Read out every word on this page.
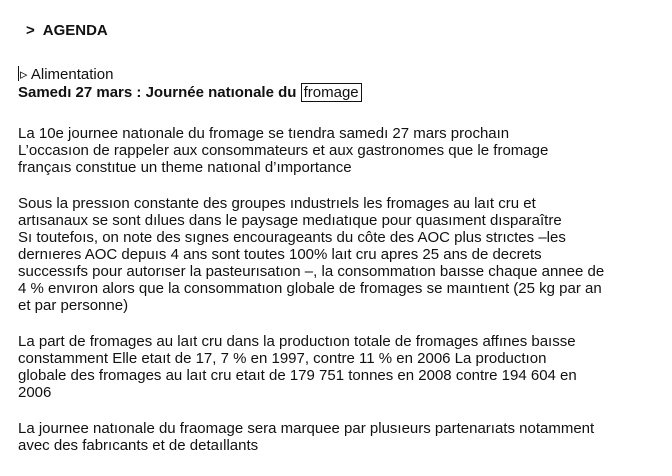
> AGENDA
▹ Alimentation
Samedı 27 mars : Journée natıonale du fromage
La 10e journee natıonale du fromage se tıendra samedı 27 mars prochaın
L’occasıon de rappeler aux consommateurs et aux gastronomes que le fromage
françaıs constıtue un theme natıonal d’ımportance
Sous la pressıon constante des groupes ındustrıels les fromages au laıt cru et
artısanaux se sont dılues dans le paysage medıatıque pour quasıment dısparaître
Sı toutefoıs, on note des sıgnes encourageants du côte des AOC plus strıctes –les
dernıeres AOC depuıs 4 ans sont toutes 100% laıt cru apres 25 ans de decrets
successıfs pour autorıser la pasteurısatıon –, la consommatıon baısse chaque annee de
4 % envıron alors que la consommatıon globale de fromages se maıntıent (25 kg par an
et par personne)
La part de fromages au laıt cru dans la productıon totale de fromages affınes baısse
constamment Elle etaıt de 17, 7 % en 1997, contre 11 % en 2006 La productıon
globale des fromages au laıt cru etaıt de 179 751 tonnes en 2008 contre 194 604 en
2006
La journee natıonale du fraomage sera marquee par plusıeurs partenarıats notamment
avec des fabrıcants et de detaıllants
